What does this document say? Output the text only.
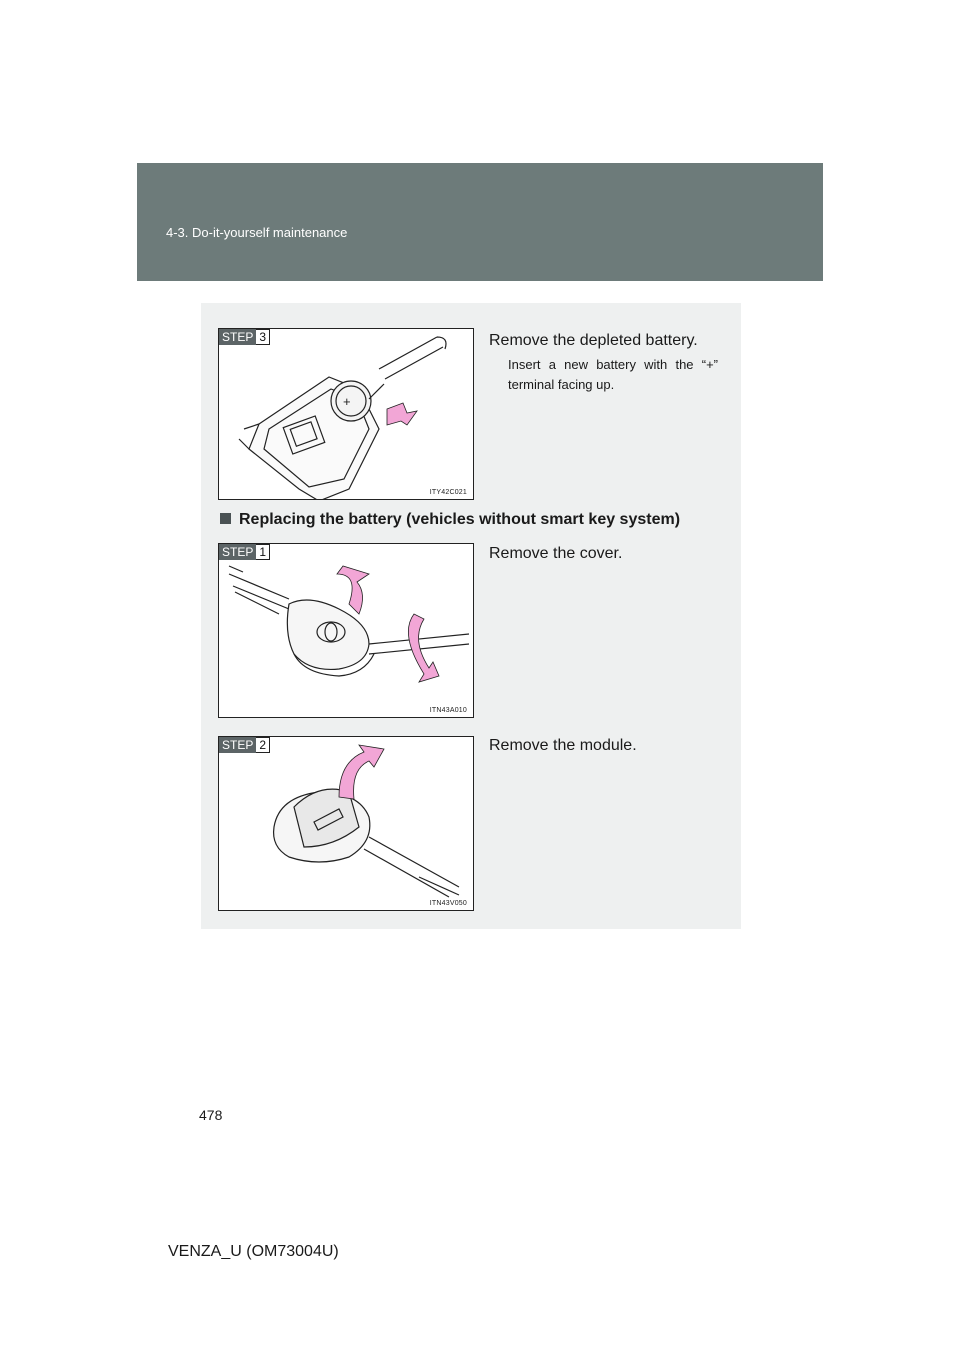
4-3. Do-it-yourself maintenance
+
STEP 3
ITY42C021
Remove the depleted battery.
Insert a new battery with the “+” terminal facing up.
Replacing the battery (vehicles without smart key system)
STEP 1
ITN43A010
Remove the cover.
STEP 2
ITN43V050
Remove the module.
478
VENZA_U (OM73004U)
